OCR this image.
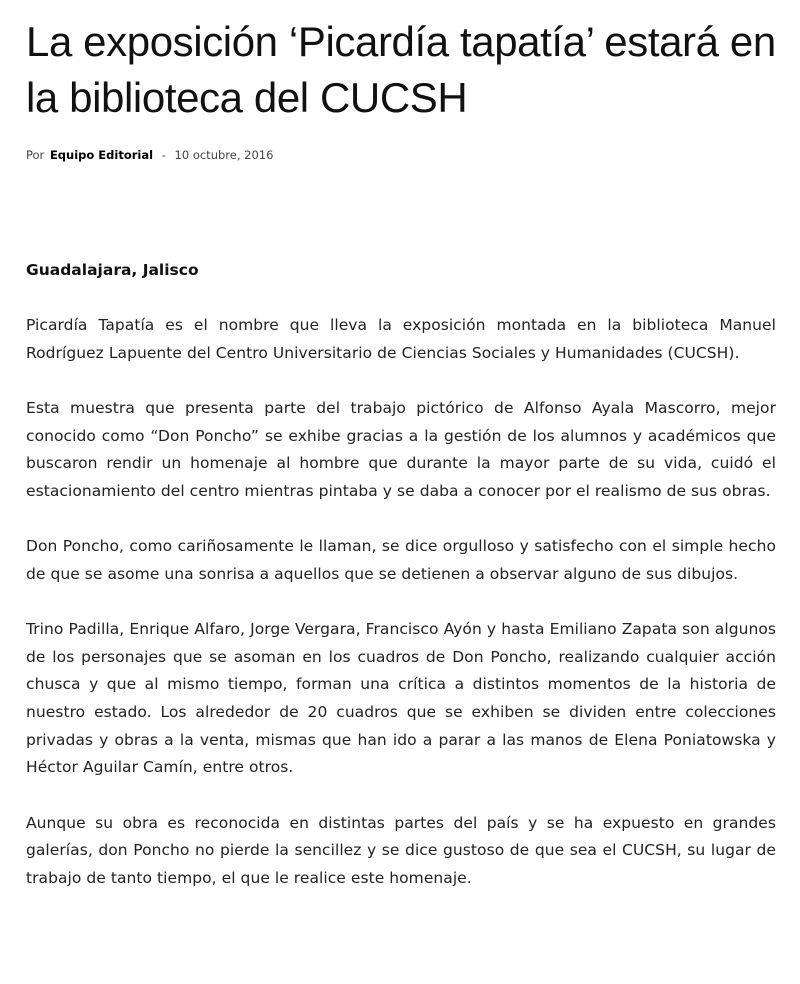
La exposición ‘Picardía tapatía’ estará en la biblioteca del CUCSH
Por Equipo Editorial - 10 octubre, 2016

Guadalajara, Jalisco

Picardía Tapatía es el nombre que lleva la exposición montada en la biblioteca Manuel Rodríguez Lapuente del Centro Universitario de Ciencias Sociales y Humanidades (CUCSH).

Esta muestra que presenta parte del trabajo pictórico de Alfonso Ayala Mascorro, mejor conocido como “Don Poncho” se exhibe gracias a la gestión de los alumnos y académicos que buscaron rendir un homenaje al hombre que durante la mayor parte de su vida, cuidó el estacionamiento del centro mientras pintaba y se daba a conocer por el realismo de sus obras.

Don Poncho, como cariñosamente le llaman, se dice orgulloso y satisfecho con el simple hecho de que se asome una sonrisa a aquellos que se detienen a observar alguno de sus dibujos.

Trino Padilla, Enrique Alfaro, Jorge Vergara, Francisco Ayón y hasta Emiliano Zapata son algunos de los personajes que se asoman en los cuadros de Don Poncho, realizando cualquier acción chusca y que al mismo tiempo, forman una crítica a distintos momentos de la historia de nuestro estado. Los alrededor de 20 cuadros que se exhiben se dividen entre colecciones privadas y obras a la venta, mismas que han ido a parar a las manos de Elena Poniatowska y Héctor Aguilar Camín, entre otros.

Aunque su obra es reconocida en distintas partes del país y se ha expuesto en grandes galerías, don Poncho no pierde la sencillez y se dice gustoso de que sea el CUCSH, su lugar de trabajo de tanto tiempo, el que le realice este homenaje.
